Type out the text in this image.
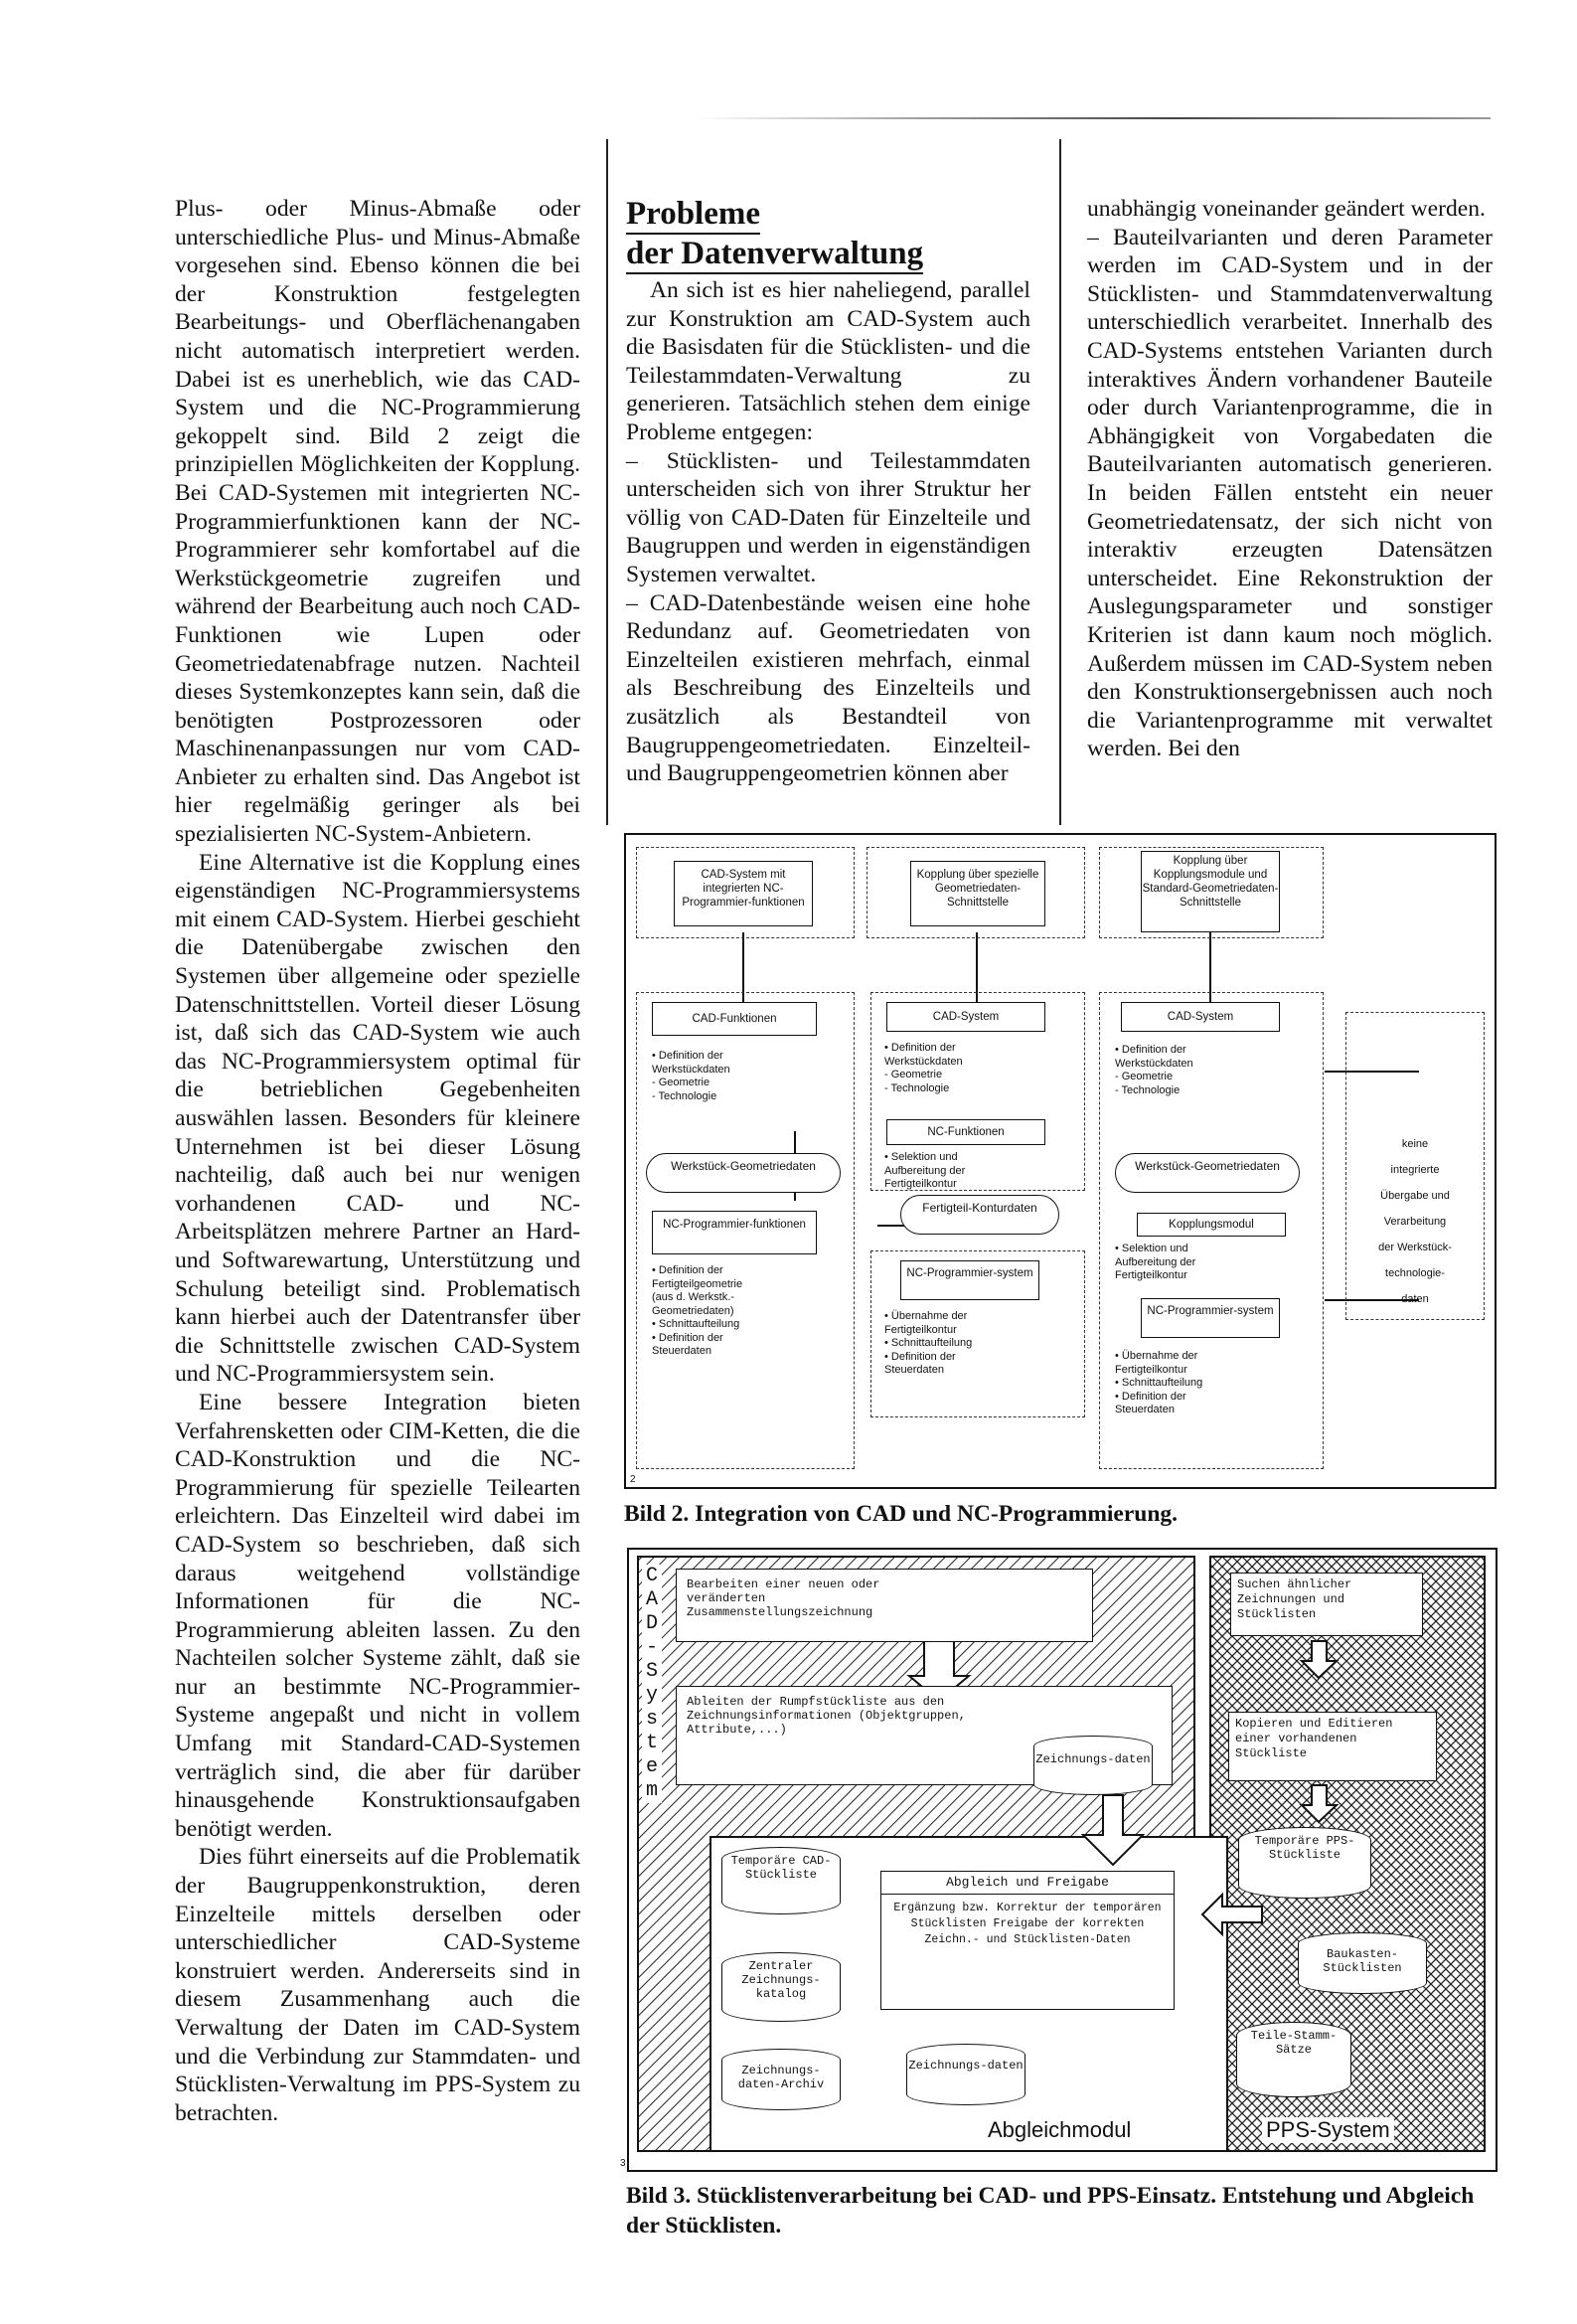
Plus- oder Minus-Abmaße oder unterschiedliche Plus- und Minus-Abmaße vorgesehen sind. Ebenso können die bei der Konstruktion festgelegten Bearbeitungs- und Oberflächenangaben nicht automatisch interpretiert werden. Dabei ist es unerheblich, wie das CAD-System und die NC-Programmierung gekoppelt sind. Bild 2 zeigt die prinzipiellen Möglichkeiten der Kopplung. Bei CAD-Systemen mit integrierten NC-Programmierfunktionen kann der NC-Programmierer sehr komfortabel auf die Werkstückgeometrie zugreifen und während der Bearbeitung auch noch CAD-Funktionen wie Lupen oder Geometriedatenabfrage nutzen. Nachteil dieses Systemkonzeptes kann sein, daß die benötigten Postprozessoren oder Maschinenanpassungen nur vom CAD-Anbieter zu erhalten sind. Das Angebot ist hier regelmäßig geringer als bei spezialisierten NC-System-Anbietern.

Eine Alternative ist die Kopplung eines eigenständigen NC-Programmiersystems mit einem CAD-System. Hierbei geschieht die Datenübergabe zwischen den Systemen über allgemeine oder spezielle Datenschnittstellen. Vorteil dieser Lösung ist, daß sich das CAD-System wie auch das NC-Programmiersystem optimal für die betrieblichen Gegebenheiten auswählen lassen. Besonders für kleinere Unternehmen ist bei dieser Lösung nachteilig, daß auch bei nur wenigen vorhandenen CAD- und NC-Arbeitsplätzen mehrere Partner an Hard- und Softwarewartung, Unterstützung und Schulung beteiligt sind. Problematisch kann hierbei auch der Datentransfer über die Schnittstelle zwischen CAD-System und NC-Programmiersystem sein.

Eine bessere Integration bieten Verfahrensketten oder CIM-Ketten, die die CAD-Konstruktion und die NC-Programmierung für spezielle Teilearten erleichtern. Das Einzelteil wird dabei im CAD-System so beschrieben, daß sich daraus weitgehend vollständige Informationen für die NC-Programmierung ableiten lassen. Zu den Nachteilen solcher Systeme zählt, daß sie nur an bestimmte NC-Programmier-Systeme angepaßt und nicht in vollem Umfang mit Standard-CAD-Systemen verträglich sind, die aber für darüber hinausgehende Konstruktionsaufgaben benötigt werden.

Dies führt einerseits auf die Problematik der Baugruppenkonstruktion, deren Einzelteile mittels derselben oder unterschiedlicher CAD-Systeme konstruiert werden. Andererseits sind in diesem Zusammenhang auch die Verwaltung der Daten im CAD-System und die Verbindung zur Stammdaten- und Stücklisten-Verwaltung im PPS-System zu betrachten.

Probleme
der Datenverwaltung

An sich ist es hier naheliegend, parallel zur Konstruktion am CAD-System auch die Basisdaten für die Stücklisten- und die Teilestammdaten-Verwaltung zu generieren. Tatsächlich stehen dem einige Probleme entgegen:

– Stücklisten- und Teilestammdaten unterscheiden sich von ihrer Struktur her völlig von CAD-Daten für Einzelteile und Baugruppen und werden in eigenständigen Systemen verwaltet.

– CAD-Datenbestände weisen eine hohe Redundanz auf. Geometriedaten von Einzelteilen existieren mehrfach, einmal als Beschreibung des Einzelteils und zusätzlich als Bestandteil von Baugruppengeometriedaten. Einzelteil- und Baugruppengeometrien können aber

unabhängig voneinander geändert werden.

– Bauteilvarianten und deren Parameter werden im CAD-System und in der Stücklisten- und Stammdatenverwaltung unterschiedlich verarbeitet. Innerhalb des CAD-Systems entstehen Varianten durch interaktives Ändern vorhandener Bauteile oder durch Variantenprogramme, die in Abhängigkeit von Vorgabedaten die Bauteilvarianten automatisch generieren. In beiden Fällen entsteht ein neuer Geometriedatensatz, der sich nicht von interaktiv erzeugten Datensätzen unterscheidet. Eine Rekonstruktion der Auslegungsparameter und sonstiger Kriterien ist dann kaum noch möglich. Außerdem müssen im CAD-System neben den Konstruktionsergebnissen auch noch die Variantenprogramme mit verwaltet werden. Bei den

CAD-System mit integrierten NC-Programmier-funktionen
Kopplung über spezielle Geometriedaten-Schnittstelle
Kopplung über Kopplungsmodule und Standard-Geometriedaten-Schnittstelle
CAD-Funktionen
• Definition der
Werkstückdaten
- Geometrie
- Technologie
Werkstück-Geometriedaten
NC-Programmier-funktionen
• Definition der
Fertigteilgeometrie
(aus d. Werkstk.-
Geometriedaten)
• Schnittaufteilung
• Definition der
Steuerdaten
CAD-System
• Definition der
Werkstückdaten
- Geometrie
- Technologie
NC-Funktionen
• Selektion und
Aufbereitung der
Fertigteilkontur
Fertigteil-Konturdaten
NC-Programmier-system
• Übernahme der
Fertigteilkontur
• Schnittaufteilung
• Definition der
Steuerdaten
CAD-System
• Definition der
Werkstückdaten
- Geometrie
- Technologie
Werkstück-Geometriedaten
Kopplungsmodul
• Selektion und
Aufbereitung der
Fertigteilkontur
NC-Programmier-system
• Übernahme der
Fertigteilkontur
• Schnittaufteilung
• Definition der
Steuerdaten
keine
integrierte
Übergabe und
Verarbeitung
der Werkstück-
technologie-
daten
2
Bild 2. Integration von CAD und NC-Programmierung.
C
A
D
-
S
y
s
t
e
m
Bearbeiten einer neuen oder veränderten Zusammenstellungszeichnung
Ableiten der Rumpfstückliste aus den Zeichnungsinformationen (Objektgruppen, Attribute,...)
Zeichnungs-daten
Temporäre CAD-Stückliste	Abgleich und Freigabe
Ergänzung bzw. Korrektur der temporären Stücklisten Freigabe der korrekten Zeichn.- und Stücklisten-Daten
Zentraler Zeichnungs-katalog
Zeichnungs-daten-Archiv
Zeichnungs-daten
Abgleichmodul
Suchen ähnlicher Zeichnungen und Stücklisten
Kopieren und Editieren einer vorhandenen Stückliste
Temporäre PPS-Stückliste
Baukasten-Stücklisten
Teile-Stamm-Sätze
PPS-System
3
Bild 3. Stücklistenverarbeitung bei CAD- und PPS-Einsatz. Entstehung und Abgleich der Stücklisten.
